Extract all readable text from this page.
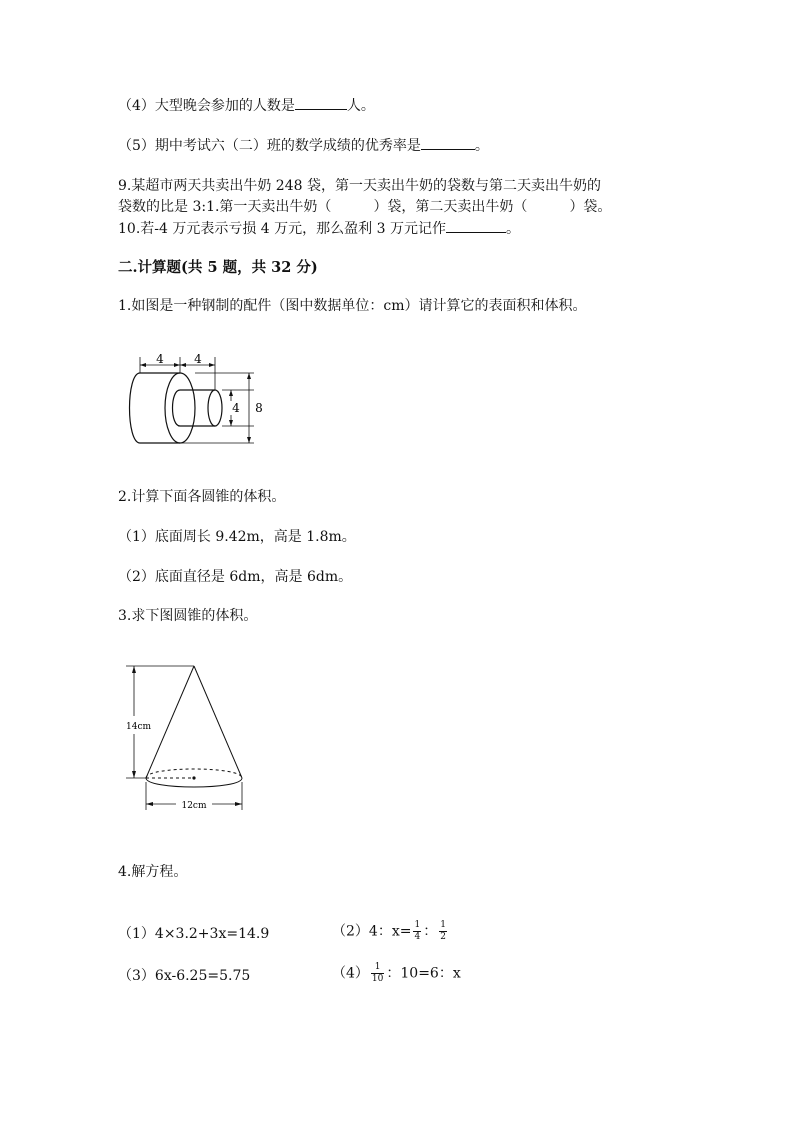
（4）大型晚会参加的人数是	人。
（5）期中考试六（二）班的数学成绩的优秀率是	。
9.某超市两天共卖出牛奶 248 袋，第一天卖出牛奶的袋数与第二天卖出牛奶的
袋数的比是 3:1.第一天卖出牛奶（	）袋，第二天卖出牛奶（	）袋。
10.若-4 万元表示亏损 4 万元，那么盈利 3 万元记作	。
二.计算题(共 5 题，共 32 分)
1.如图是一种钢制的配件（图中数据单位：cm）请计算它的表面积和体积。
4	4
4 8
2.计算下面各圆锥的体积。
（1）底面周长 9.42m，高是 1.8m。
（2）底面直径是 6dm，高是 6dm。
3.求下图圆锥的体积。
14cm
12cm
4.解方程。
（1）4×3.2+3x=14.9	（2）4：$x= \frac{1}{4}$ ： $\frac{1}{2}$
（3）6x-6.25=5.75	$(4) \frac{1}{10}$ ：10=6：x
